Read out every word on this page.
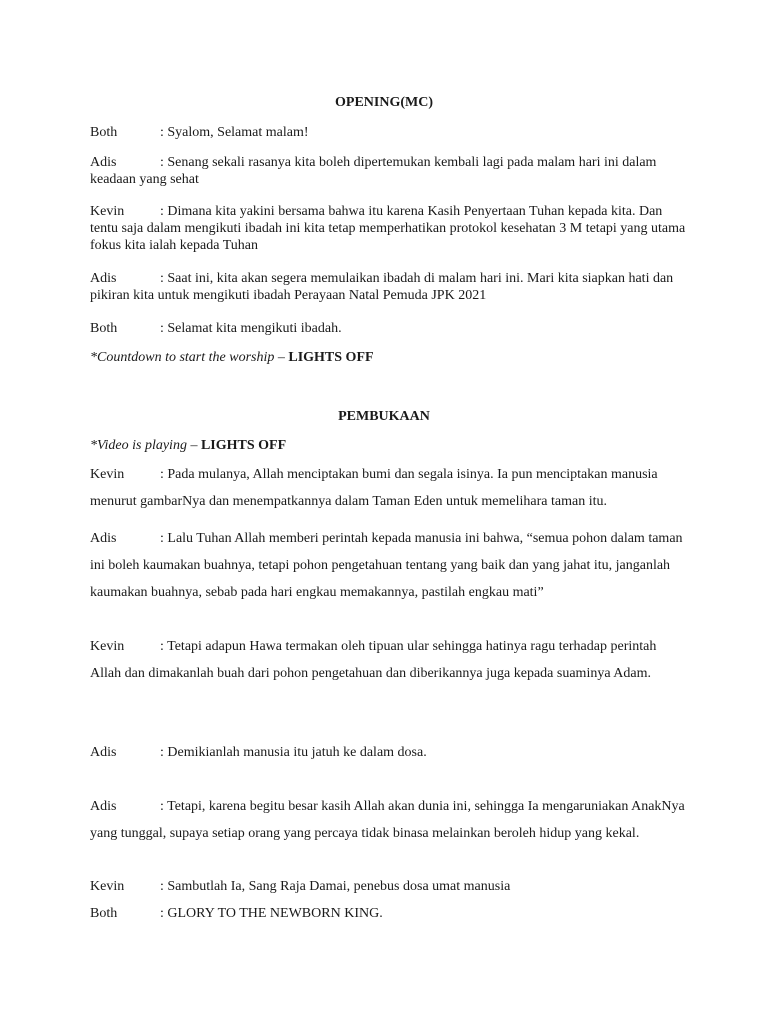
OPENING(MC)
Both	: Syalom, Selamat malam!
Adis	: Senang sekali rasanya kita boleh dipertemukan kembali lagi pada malam hari ini dalam keadaan yang sehat
Kevin	: Dimana kita yakini bersama bahwa itu karena Kasih Penyertaan Tuhan kepada kita. Dan tentu saja dalam mengikuti ibadah ini kita tetap memperhatikan protokol kesehatan 3 M tetapi yang utama fokus kita ialah kepada Tuhan
Adis	: Saat ini, kita akan segera memulaikan ibadah di malam hari ini. Mari kita siapkan hati dan pikiran kita untuk mengikuti ibadah Perayaan Natal Pemuda JPK 2021
Both	: Selamat kita mengikuti ibadah.
*Countdown to start the worship – LIGHTS OFF
PEMBUKAAN
*Video is playing – LIGHTS OFF
Kevin	: Pada mulanya, Allah menciptakan bumi dan segala isinya. Ia pun menciptakan manusia menurut gambarNya dan menempatkannya dalam Taman Eden untuk memelihara taman itu.
Adis	: Lalu Tuhan Allah memberi perintah kepada manusia ini bahwa, “semua pohon dalam taman ini boleh kaumakan buahnya, tetapi pohon pengetahuan tentang yang baik dan yang jahat itu, janganlah kaumakan buahnya, sebab pada hari engkau memakannya, pastilah engkau mati”
Kevin	: Tetapi adapun Hawa termakan oleh tipuan ular sehingga hatinya ragu terhadap perintah Allah dan dimakanlah buah dari pohon pengetahuan dan diberikannya juga kepada suaminya Adam.
Adis	: Demikianlah manusia itu jatuh ke dalam dosa.
Adis	: Tetapi, karena begitu besar kasih Allah akan dunia ini, sehingga Ia mengaruniakan AnakNya yang tunggal, supaya setiap orang yang percaya tidak binasa melainkan beroleh hidup yang kekal.
Kevin	: Sambutlah Ia, Sang Raja Damai, penebus dosa umat manusia
Both	: GLORY TO THE NEWBORN KING.
